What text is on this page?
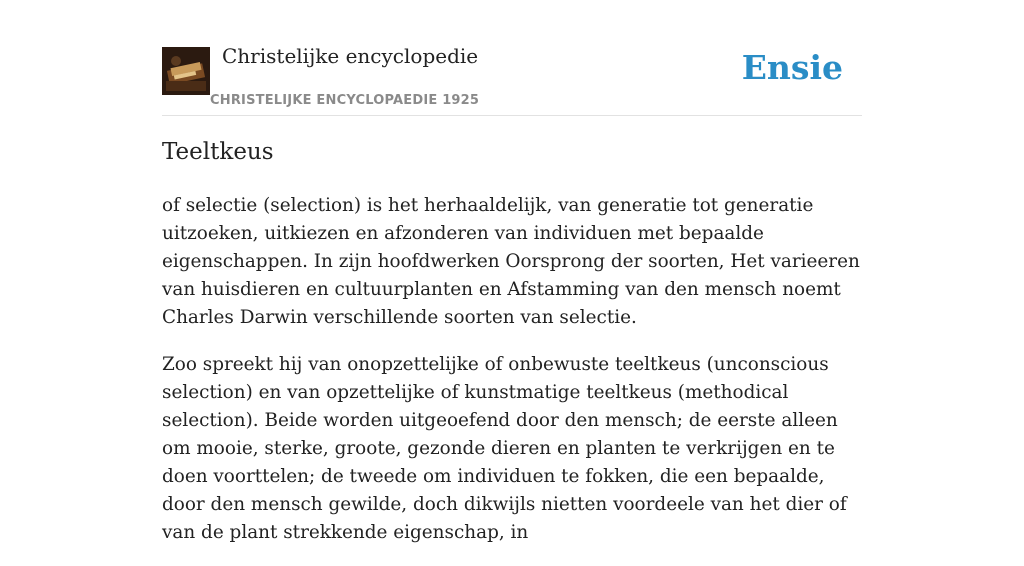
Christelijke encyclopedie
CHRISTELIJKE ENCYCLOPAEDIE 1925
Ensie
Teeltkeus

of selectie (selection) is het herhaaldelijk, van generatie tot generatie uitzoeken, uitkiezen en afzonderen van individuen met bepaalde eigenschappen. In zijn hoofdwerken Oorsprong der soorten, Het varieeren van huisdieren en cultuurplanten en Afstamming van den mensch noemt Charles Darwin verschillende soorten van selectie.

Zoo spreekt hij van onopzettelijke of onbewuste teeltkeus (unconscious selection) en van opzettelijke of kunstmatige teeltkeus (methodical selection). Beide worden uitgeoefend door den mensch; de eerste alleen om mooie, sterke, groote, gezonde dieren en planten te verkrijgen en te doen voorttelen; de tweede om individuen te fokken, die een bepaalde, door den mensch gewilde, doch dikwijls nietten voordeele van het dier of van de plant strekkende eigenschap, in
